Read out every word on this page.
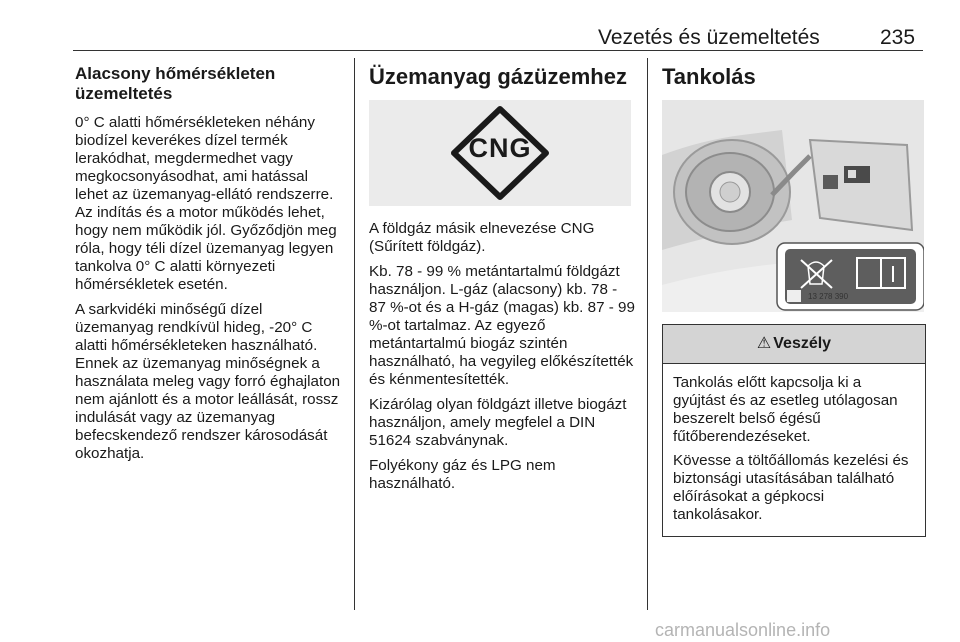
Vezetés és üzemeltetés	235
Alacsony hőmérsékleten üzemeltetés

0° C alatti hőmérsékleteken néhány biodízel keverékes dízel termék lerakódhat, megdermedhet vagy megkocsonyásodhat, ami hatással lehet az üzemanyag-ellátó rendszerre. Az indítás és a motor működés lehet, hogy nem működik jól. Győződjön meg róla, hogy téli dízel üzemanyag legyen tankolva 0° C alatti környezeti hőmérsékletek esetén.

A sarkvidéki minőségű dízel üzemanyag rendkívül hideg, -20° C alatti hőmérsékleteken használható. Ennek az üzemanyag minőségnek a használata meleg vagy forró éghajlaton nem ajánlott és a motor leállását, rossz indulását vagy az üzemanyag befecskendező rendszer károsodását okozhatja.

Üzemanyag gázüzemhez
CNG

A földgáz másik elnevezése CNG (Sűrített földgáz).

Kb. 78 - 99 % metántartalmú földgázt használjon. L-gáz (alacsony) kb. 78 - 87 %-ot és a H-gáz (magas) kb. 87 - 99 %-ot tartalmaz. Az egyező metántartalmú biogáz szintén használható, ha vegyileg előkészítették és kénmentesítették.

Kizárólag olyan földgázt illetve biogázt használjon, amely megfelel a DIN 51624 szabványnak.

Folyékony gáz és LPG nem használható.

Tankolás
13 278 390
⚠ Veszély

Tankolás előtt kapcsolja ki a gyújtást és az esetleg utólagosan beszerelt belső égésű fűtőberendezéseket.

Kövesse a töltőállomás kezelési és biztonsági utasításában található előírásokat a gépkocsi tankolásakor.

carmanualsonline.info
